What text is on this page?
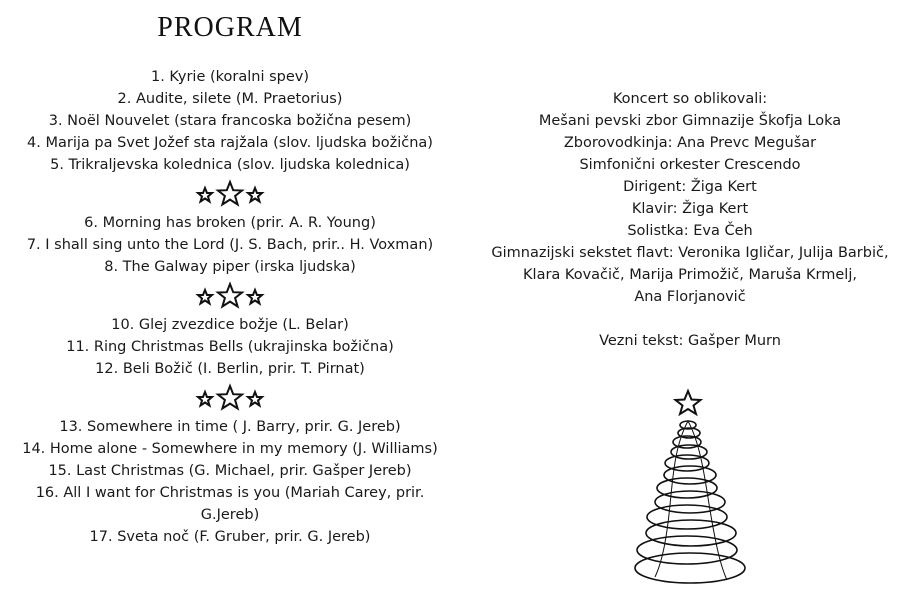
PROGRAM
1. Kyrie (koralni spev)
2. Audite, silete (M. Praetorius)
3. Noël Nouvelet (stara francoska božična pesem)
4. Marija pa Svet Jožef sta rajžala (slov. ljudska božična)
5. Trikraljevska kolednica (slov. ljudska kolednica)
6. Morning has broken (prir. A. R. Young)
7. I shall sing unto the Lord (J. S. Bach, prir.. H. Voxman)
8. The Galway piper (irska ljudska)
10. Glej zvezdice božje (L. Belar)
11. Ring Christmas Bells (ukrajinska božična)
12. Beli Božič (I. Berlin, prir. T. Pirnat)
13. Somewhere in time ( J. Barry, prir. G. Jereb)
14. Home alone - Somewhere in my memory (J. Williams)
15. Last Christmas (G. Michael, prir. Gašper Jereb)
16. All I want for Christmas is you (Mariah Carey, prir.
G.Jereb)
17. Sveta noč (F. Gruber, prir. G. Jereb)
Koncert so oblikovali:
Mešani pevski zbor Gimnazije Škofja Loka
Zborovodkinja: Ana Prevc Megušar
Simfonični orkester Crescendo
Dirigent: Žiga Kert
Klavir: Žiga Kert
Solistka: Eva Čeh
Gimnazijski sekstet flavt: Veronika Igličar, Julija Barbič,
Klara Kovačič, Marija Primožič, Maruša Krmelj,
Ana Florjanovič
Vezni tekst: Gašper Murn
